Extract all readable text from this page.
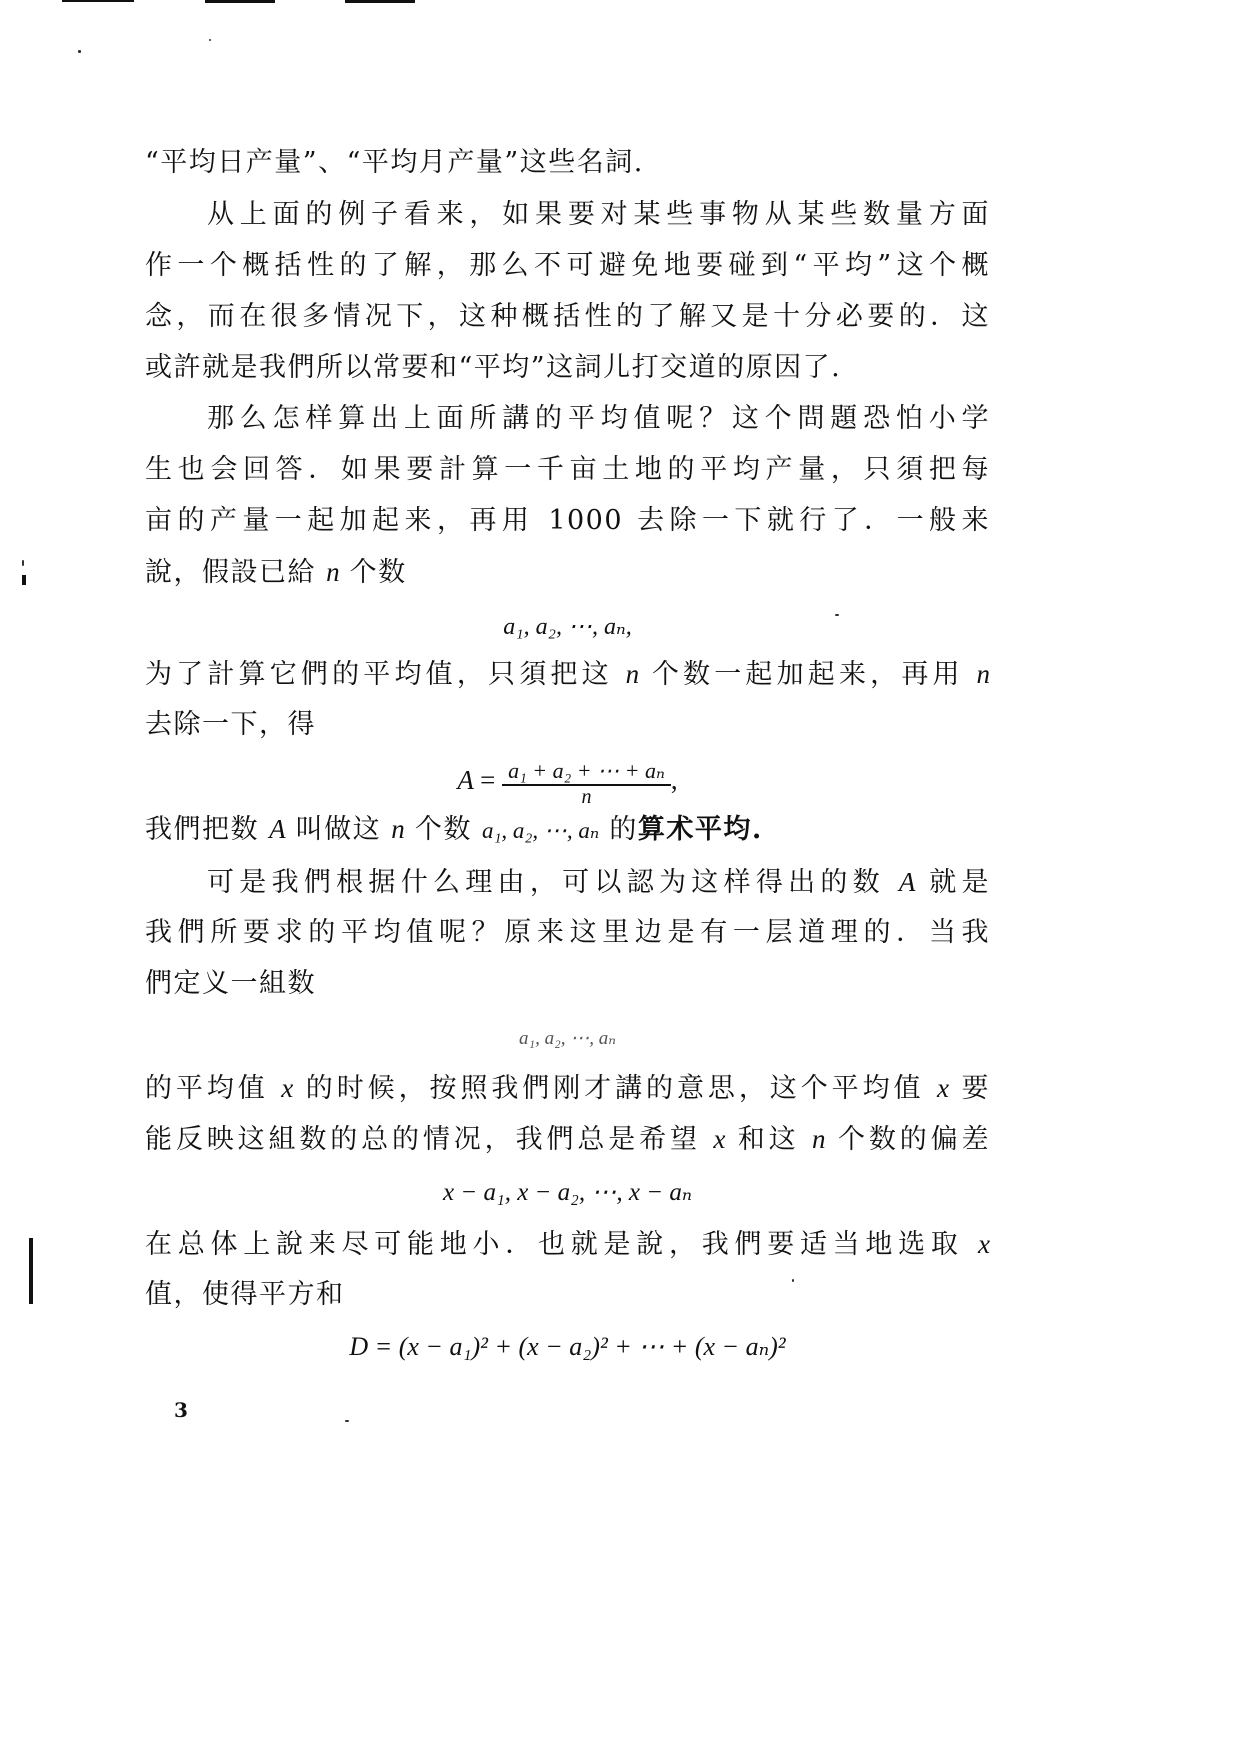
“平均日产量”、“平均月产量”这些名詞.
从上面的例子看来，如果要对某些事物从某些数量方面
作一个概括性的了解，那么不可避免地要碰到“平均”这个概
念，而在很多情况下，这种概括性的了解又是十分必要的．这
或許就是我們所以常要和“平均”这詞儿打交道的原因了.
那么怎样算出上面所講的平均值呢？这个問題恐怕小学
生也会回答．如果要計算一千亩土地的平均产量，只須把每
亩的产量一起加起来，再用 1000 去除一下就行了．一般来
說，假設已給 n 个数
a₁, a₂, ⋯, aₙ,
为了計算它們的平均值，只須把这 n 个数一起加起来，再用 n
去除一下，得
$A = \frac{\text{a₁ + a₂ + ⋯ + aₙ}}{n}$ ,
我們把数 A 叫做这 n 个数 a₁, a₂, ⋯, aₙ 的算术平均.
可是我們根据什么理由，可以認为这样得出的数 A 就是
我們所要求的平均值呢？原来这里边是有一层道理的．当我
們定义一組数
a₁, a₂, ⋯, aₙ
的平均值 x 的时候，按照我們刚才講的意思，这个平均值 x 要
能反映这組数的总的情况，我們总是希望 x 和这 n 个数的偏差
x − a₁, x − a₂, ⋯, x − aₙ
在总体上說来尽可能地小．也就是說，我們要适当地选取 x
值，使得平方和
D = (x − a₁)² + (x − a₂)² + ⋯ + (x − aₙ)²
3
